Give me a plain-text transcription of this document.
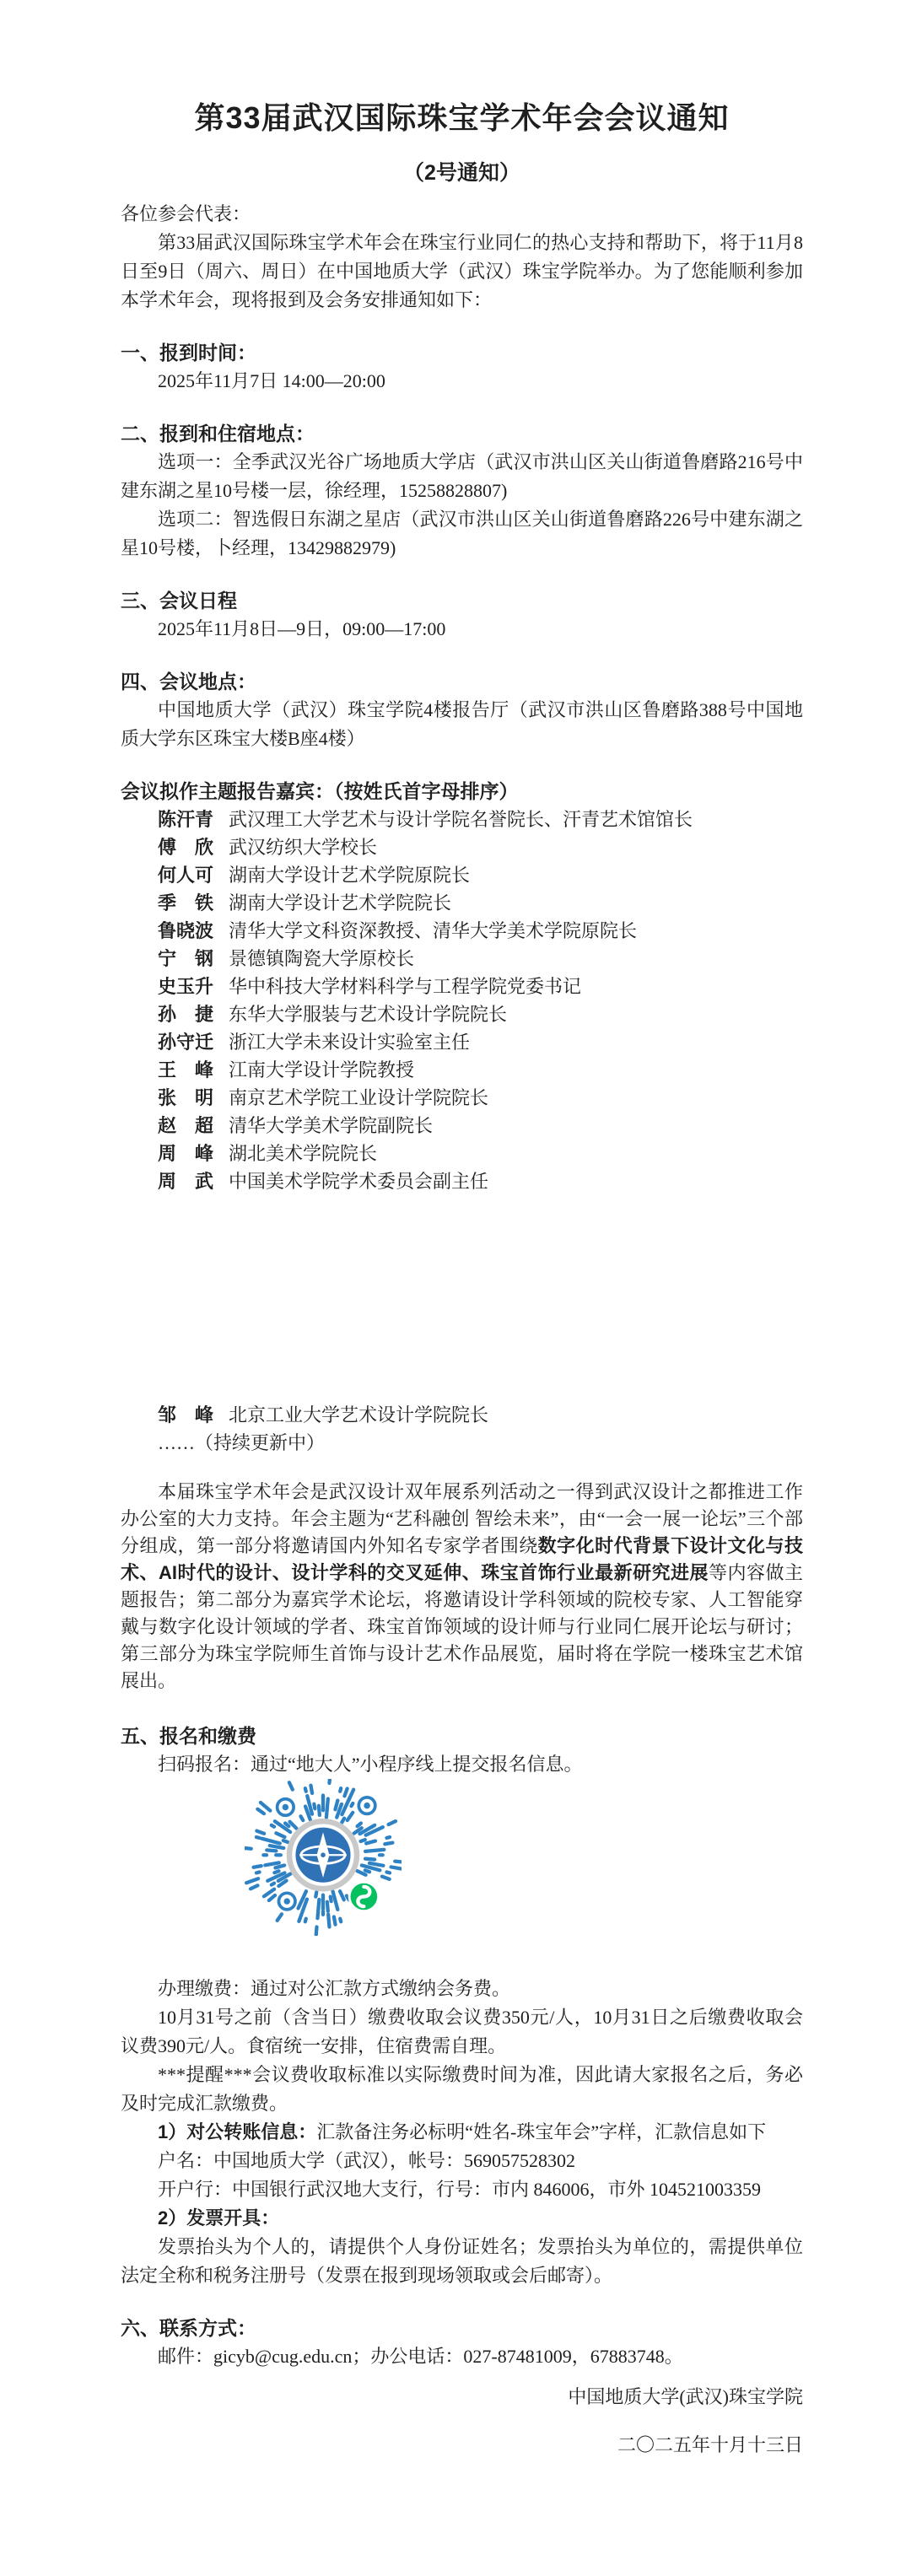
第33届武汉国际珠宝学术年会会议通知
（2号通知）

各位参会代表：

第33届武汉国际珠宝学术年会在珠宝行业同仁的热心支持和帮助下，将于11月8日至9日（周六、周日）在中国地质大学（武汉）珠宝学院举办。为了您能顺利参加本学术年会，现将报到及会务安排通知如下：

一、报到时间：

2025年11月7日 14:00—20:00

二、报到和住宿地点：

选项一：全季武汉光谷广场地质大学店（武汉市洪山区关山街道鲁磨路216号中建东湖之星10号楼一层，徐经理，15258828807)

选项二：智选假日东湖之星店（武汉市洪山区关山街道鲁磨路226号中建东湖之星10号楼，卜经理，13429882979)

三、会议日程

2025年11月8日—9日，09:00—17:00

四、会议地点：

中国地质大学（武汉）珠宝学院4楼报告厅（武汉市洪山区鲁磨路388号中国地质大学东区珠宝大楼B座4楼）

会议拟作主题报告嘉宾：（按姓氏首字母排序）
陈汗青 武汉理工大学艺术与设计学院名誉院长、汗青艺术馆馆长
傅　欣 武汉纺织大学校长
何人可 湖南大学设计艺术学院原院长
季　铁 湖南大学设计艺术学院院长
鲁晓波 清华大学文科资深教授、清华大学美术学院原院长
宁　钢 景德镇陶瓷大学原校长
史玉升 华中科技大学材料科学与工程学院党委书记
孙　捷 东华大学服装与艺术设计学院院长
孙守迁 浙江大学未来设计实验室主任
王　峰 江南大学设计学院教授
张　明 南京艺术学院工业设计学院院长
赵　超 清华大学美术学院副院长
周　峰 湖北美术学院院长
周　武 中国美术学院学术委员会副主任
邹　峰 北京工业大学艺术设计学院院长
……（持续更新中）

本届珠宝学术年会是武汉设计双年展系列活动之一得到武汉设计之都推进工作办公室的大力支持。年会主题为“艺科融创 智绘未来”，由“一会一展一论坛”三个部分组成，第一部分将邀请国内外知名专家学者围绕数字化时代背景下设计文化与技术、AI时代的设计、设计学科的交叉延伸、珠宝首饰行业最新研究进展等内容做主题报告；第二部分为嘉宾学术论坛，将邀请设计学科领域的院校专家、人工智能穿戴与数字化设计领域的学者、珠宝首饰领域的设计师与行业同仁展开论坛与研讨；第三部分为珠宝学院师生首饰与设计艺术作品展览，届时将在学院一楼珠宝艺术馆展出。

五、报名和缴费

扫码报名：通过“地大人”小程序线上提交报名信息。

办理缴费：通过对公汇款方式缴纳会务费。

10月31号之前（含当日）缴费收取会议费350元/人，10月31日之后缴费收取会议费390元/人。食宿统一安排，住宿费需自理。

***提醒***会议费收取标准以实际缴费时间为准，因此请大家报名之后，务必及时完成汇款缴费。

1）对公转账信息：汇款备注务必标明“姓名-珠宝年会”字样，汇款信息如下

户名：中国地质大学（武汉），帐号：569057528302

开户行：中国银行武汉地大支行，行号：市内 846006，市外 104521003359

2）发票开具：

发票抬头为个人的，请提供个人身份证姓名；发票抬头为单位的，需提供单位法定全称和税务注册号（发票在报到现场领取或会后邮寄）。

六、联系方式：

邮件：gicyb@cug.edu.cn；办公电话：027-87481009，67883748。

中国地质大学(武汉)珠宝学院

二〇二五年十月十三日
